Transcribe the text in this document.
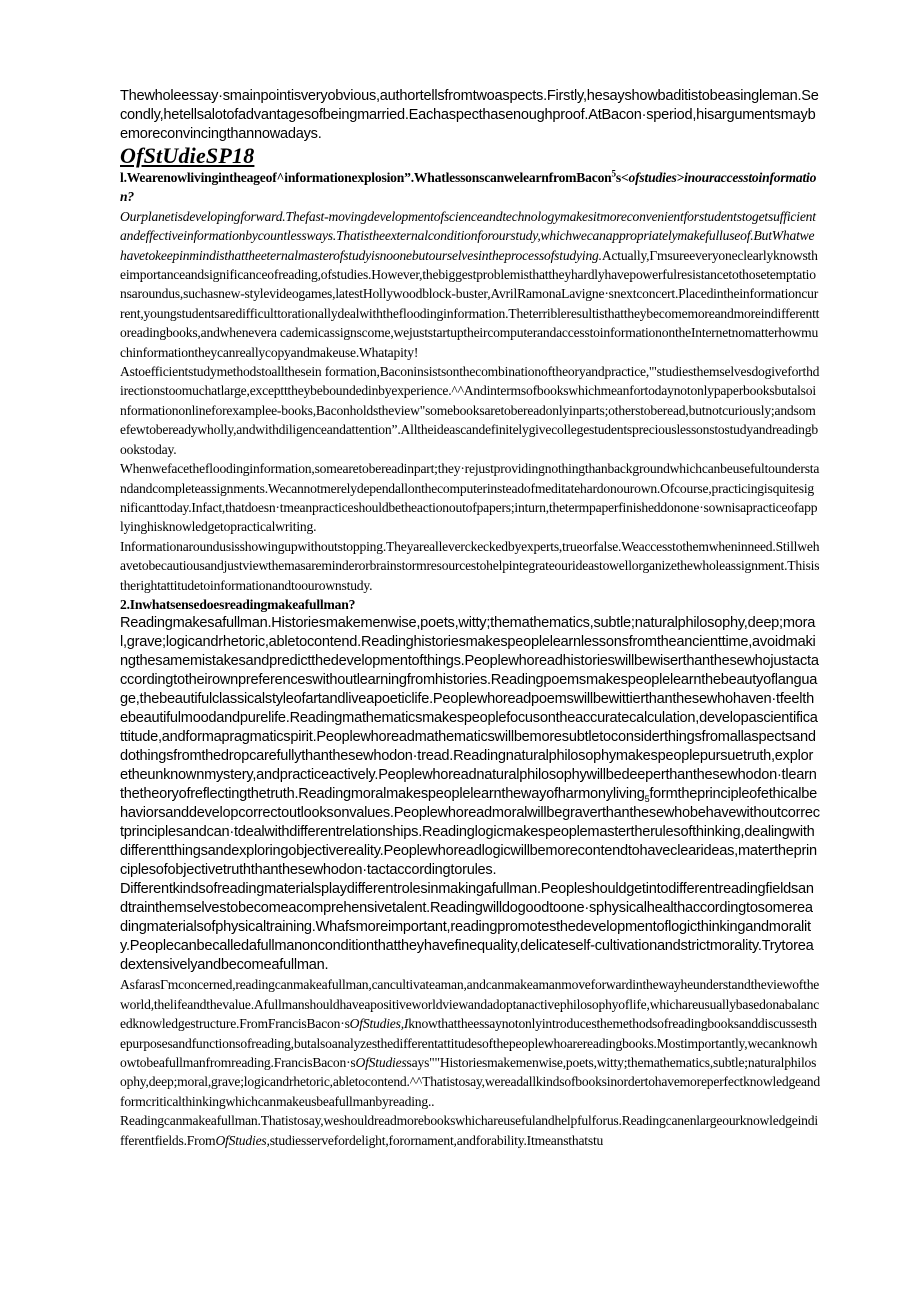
Thewholeessay·smainpointisveryobvious,authortellsfromtwoaspects.Firstly,hesayshowbaditistobeasingleman.Secondly,hetellsalotofadvantagesofbeingmarried.Eachaspecthasenoughproof.AtBacon·speriod,hisargumentsmaybemoreconvincingthannowadays.

OfStUdieSP18

l.Wearenowlivingintheageof^informationexplosion”.WhatlessonscanwelearnfromBacon$^5$s<ofstudies>inouraccesstoinformation?

Ourplanetisdevelopingforward.Thefast-movingdevelopmentofscienceandtechnologymakesitmoreconvenientforstudentstogetsufficientandeffectiveinformationbycountlessways.Thatistheexternalconditionforourstudy,whichwecanappropriatelymakefulluseof.ButWhatwehavetokeepinmindisthattheeternalmasterofstudyisnoonebutourselvesintheprocessofstudying.Actually,Γmsureeveryoneclearlyknowstheimportanceandsignificanceofreading,ofstudies.However,thebiggestproblemisthattheyhardlyhavepowerfulresistancetothosetemptationsaroundus,suchasnew-stylevideogames,latestHollywoodblock-buster,AvrilRamonaLavigne·snextconcert.Placedintheinformationcurrent,youngstudentsaredifficulttorationallydealwiththefloodinginformation.Theterribleresultisthattheybecomemoreandmoreindifferenttoreadingbooks,andwhenevera cademicassignscome,wejuststartuptheircomputerandaccesstoinformationontheInternetnomatterhowmuchinformationtheycanreallycopyandmakeuse.Whatapity!

Astoefficientstudymethodstoallthesein formation,Baconinsistsonthecombinationoftheoryandpractice,'"studiesthemselvesdogiveforthdirectionstoomuchatlarge,exceptttheybeboundedinbyexperience.^^Andintermsofbookswhichmeanfortodaynotonlypaperbooksbutalsoinformationonlineforexamplee-books,Baconholdstheview"somebooksaretobereadonlyinparts;otherstoberead,butnotcuriously;andsomefewtobereadywholly,andwithdiligenceandattention”.Alltheideascandefinitelygivecollegestudentspreciouslessonstostudyandreadingbookstoday.

Whenwefacethefloodinginformation,somearetobereadinpart;they·rejustprovidingnothingthanbackgroundwhichcanbeusefultounderstandandcompleteassignments.Wecannotmerelydependallonthecomputerinsteadofmeditatehardonourown.Ofcourse,practicingisquitesignificanttoday.Infact,thatdoesn·tmeanpracticeshouldbetheactionoutofpapers;inturn,thetermpaperfinisheddonone·sownisapracticeofapplyinghisknowledgetopracticalwriting.

Informationaroundusisshowingupwithoutstopping.Theyarealleverckeckedbyexperts,trueorfalse.Weaccesstothemwheninneed.Stillwehavetobecautiousandjustviewthemasareminderorbrainstormresourcestohelpintegrateourideastowellorganizethewholeassignment.Thisistherightattitudetoinformationandtoourownstudy.

2.Inwhatsensedoesreadingmakeafullman?

Readingmakesafullman.Historiesmakemenwise,poets,witty;themathematics,subtle;naturalphilosophy,deep;moral,grave;logicandrhetoric,abletocontend.Readinghistoriesmakespeoplelearnlessonsfromtheancienttime,avoidmakingthesamemistakesandpredictthedevelopmentofthings.Peoplewhoreadhistorieswillbewiserthanthesewhojustactaccordingtotheirownpreferenceswithoutlearningfromhistories.Readingpoemsmakespeoplelearnthebeautyoflanguage,thebeautifulclassicalstyleofartandliveapoeticlife.Peoplewhoreadpoemswillbewittierthanthesewhohaven·tfeelthebeautifulmoodandpurelife.Readingmathematicsmakespeoplefocusontheaccuratecalculation,developascientificattitude,andformapragmaticspirit.Peoplewhoreadmathematicswillbemoresubtletoconsiderthingsfromallaspectsanddothingsfromthedropcarefullythanthesewhodon·tread.Readingnaturalphilosophymakespeoplepursuetruth,exploretheunknownmystery,andpracticeactively.Peoplewhoreadnaturalphilosophywillbedeeperthanthesewhodon·tlearnthetheoryofreflectingthetruth.Readingmoralmakespeoplelearnthewayofharmonyliving$_5$formtheprincipleofethicalbehaviorsanddevelopcorrectoutlooksonvalues.Peoplewhoreadmoralwillbegraverthanthesewhobehavewithoutcorrectprinciplesandcan·tdealwithdifferentrelationships.Readinglogicmakespeoplemastertherulesofthinking,dealingwithdifferentthingsandexploringobjectivereality.Peoplewhoreadlogicwillbemorecontendtohaveclearideas,matertheprinciplesofobjectivetruththanthesewhodon·tactaccordingtorules.

Differentkindsofreadingmaterialsplaydifferentrolesinmakingafullman.Peopleshouldgetintodifferentreadingfieldsandtrainthemselvestobecomeacomprehensivetalent.Readingwilldogoodtoone·sphysicalhealthaccordingtosomereadingmaterialsofphysicaltraining.Whafsmoreimportant,readingpromotesthedevelopmentoflogicthinkingandmorality.Peoplecanbecalledafullmanonconditionthattheyhavefinequality,delicateself-cultivationandstrictmorality.Trytoreadextensivelyandbecomeafullman.

AsfarasΓmconcerned,readingcanmakeafullman,cancultivateaman,andcanmakeamanmoveforwardinthewayheunderstandtheviewoftheworld,thelifeandthevalue.Afullmanshouldhaveapositiveworldviewandadoptanactivephilosophyoflife,whichareusuallybasedonabalancedknowledgestructure.FromFrancisBacon·sOfStudies,Iknowthattheessaynotonlyintroducesthemethodsofreadingbooksanddiscussesthepurposesandfunctionsofreading,butalsoanalyzesthedifferentattitudesofthepeoplewhoarereadingbooks.Mostimportantly,wecanknowhowtobeafullmanfromreading.FrancisBacon·sOfStudiessays""Historiesmakemenwise,poets,witty;themathematics,subtle;naturalphilosophy,deep;moral,grave;logicandrhetoric,abletocontend.^^Thatistosay,wereadallkindsofbooksinordertohavemoreperfectknowledgeandformcriticalthinkingwhichcanmakeusbeafullmanbyreading..

Readingcanmakeafullman.Thatistosay,weshouldreadmorebookswhichareusefulandhelpfulforus.Readingcanenlargeourknowledgeindifferentfields.FromOfStudies,studiesservefordelight,forornament,andforability.Itmeansthatstu
